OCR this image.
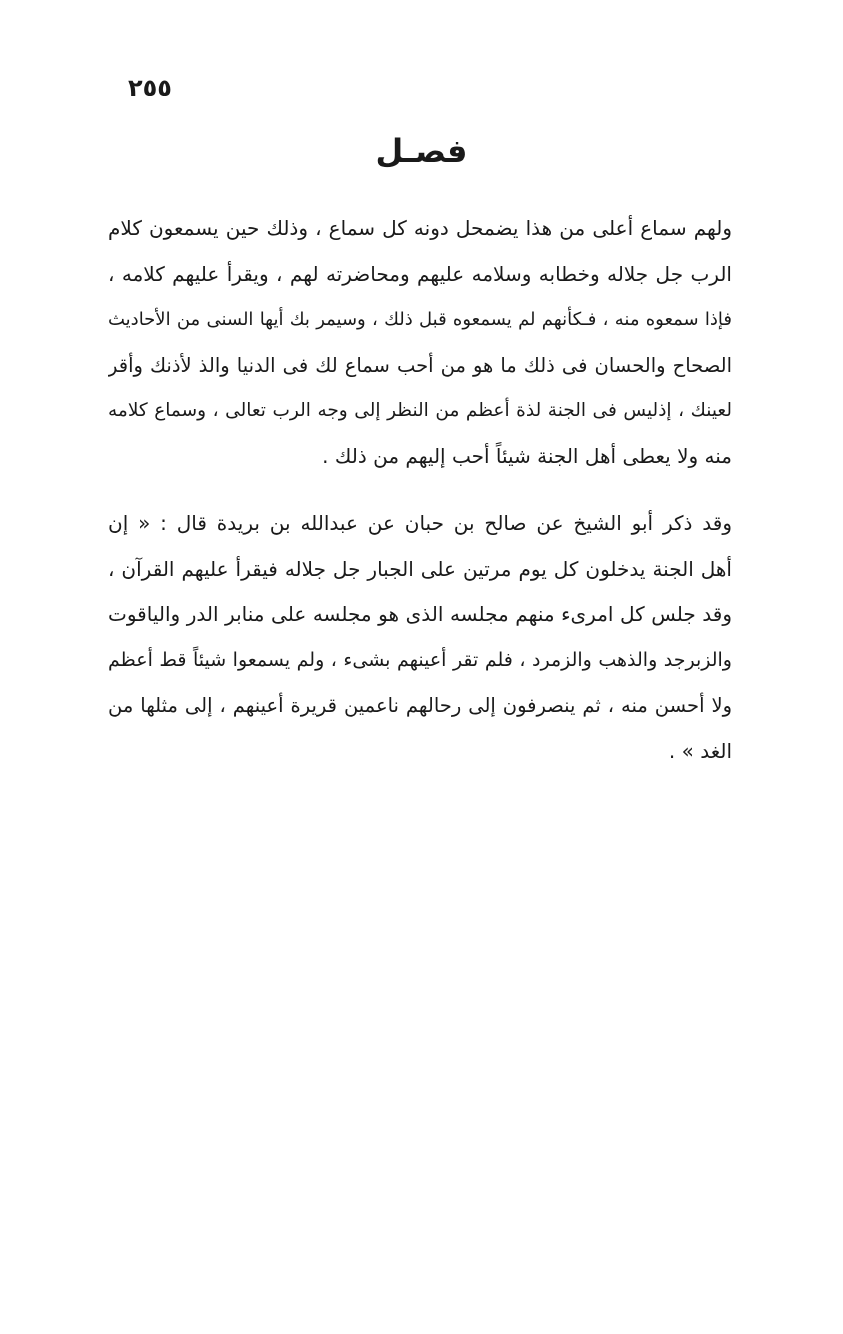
٢٥٥
فصـل
ولهم سماع أعلى من هذا يضمحل دونه كل سماع ، وذلك حين يسمعون كلام
الرب جل جلاله وخطابه وسلامه عليهم ومحاضرته لهم ، ويقرأ عليهم كلامه ،
فإذا سمعوه منه ، فـكأنهم لم يسمعوه قبل ذلك ، وسيمر بك أيها السنى من الأحاديث
الصحاح والحسان فى ذلك ما هو من أحب سماع لك فى الدنيا والذ لأذنك وأقر
لعينك ، إذليس فى الجنة لذة أعظم من النظر إلى وجه الرب تعالى ، وسماع كلامه
منه ولا يعطى أهل الجنة شيئاً أحب إليهم من ذلك .
وقد ذكر أبو الشيخ عن صالح بن حبان عن عبدالله بن بريدة قال : « إن
أهل الجنة يدخلون كل يوم مرتين على الجبار جل جلاله فيقرأ عليهم القرآن ،
وقد جلس كل امرىء منهم مجلسه الذى هو مجلسه على منابر الدر والياقوت
والزبرجد والذهب والزمرد ، فلم تقر أعينهم بشىء ، ولم يسمعوا شيئاً قط أعظم
ولا أحسن منه ، ثم ينصرفون إلى رحالهم ناعمين قريرة أعينهم ، إلى مثلها من
الغد » .
